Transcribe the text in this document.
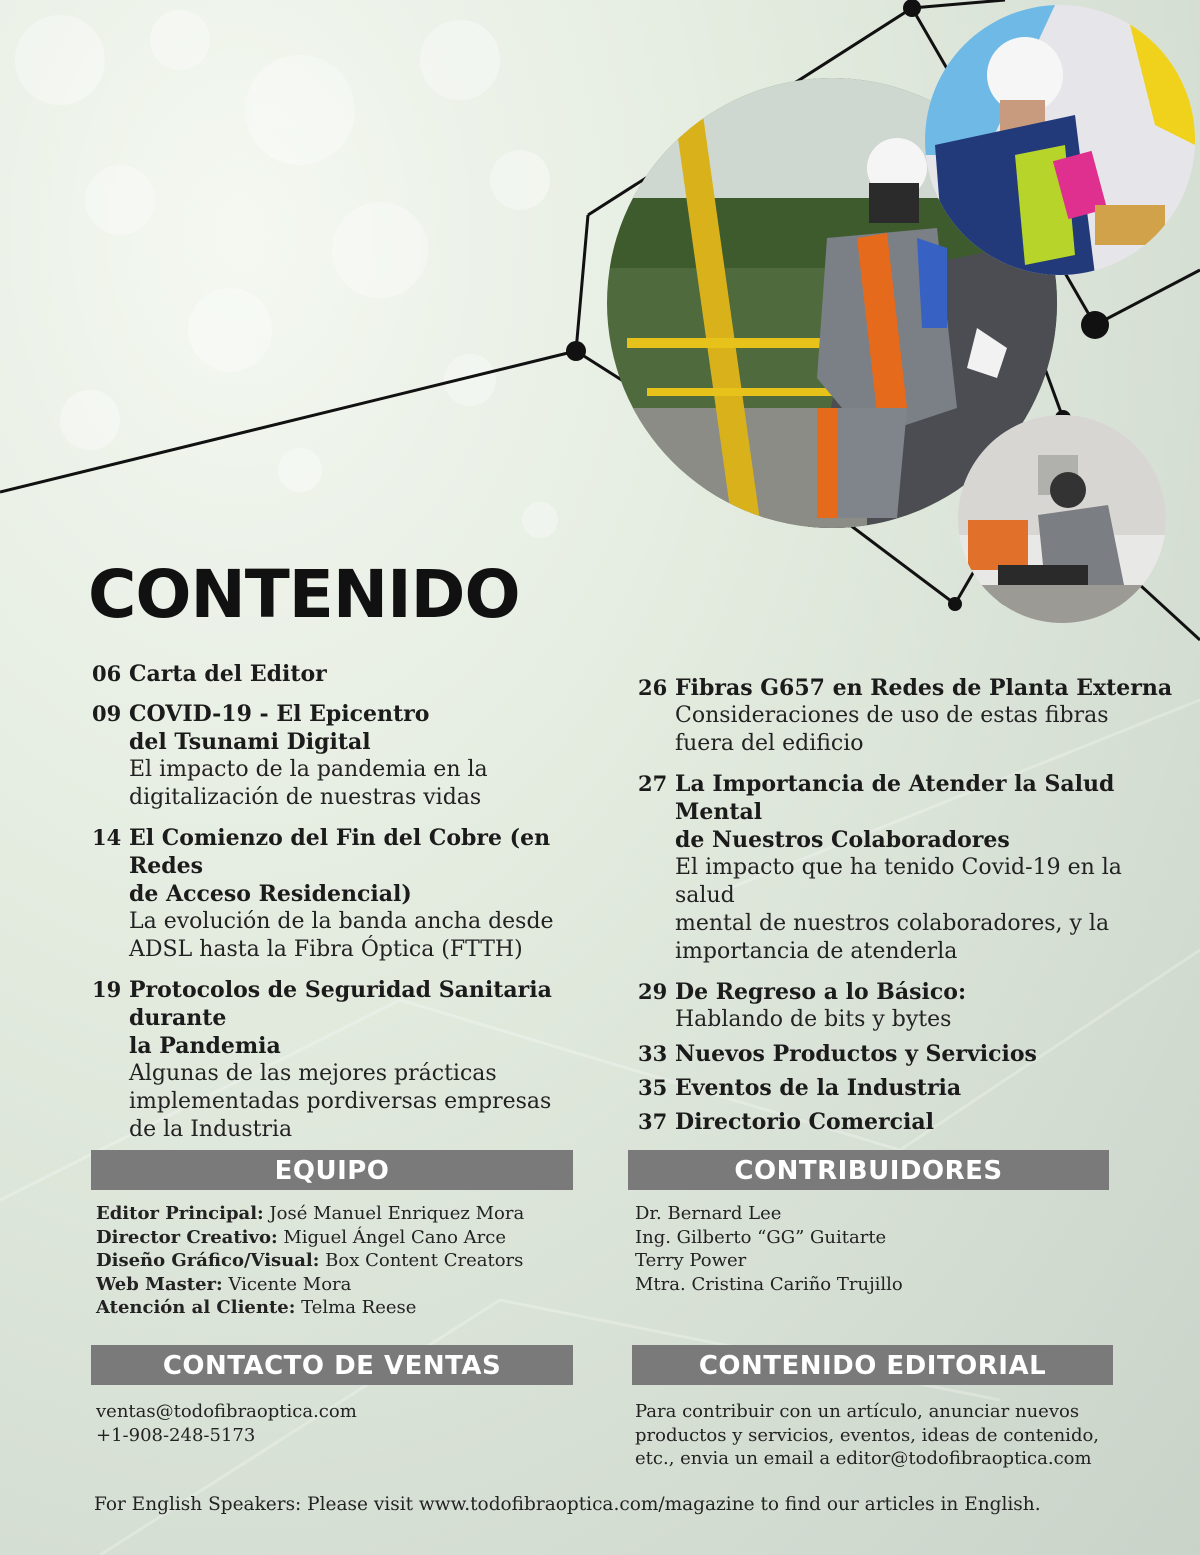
CONTENIDO
06 Carta del Editor
09 COVID-19 - El Epicentro
del Tsunami Digital
El impacto de la pandemia en la
digitalización de nuestras vidas
14 El Comienzo del Fin del Cobre (en Redes
de Acceso Residencial)
La evolución de la banda ancha desde
ADSL hasta la Fibra Óptica (FTTH)
19 Protocolos de Seguridad Sanitaria durante
la Pandemia
Algunas de las mejores prácticas
implementadas pordiversas empresas
de la Industria
26 Fibras G657 en Redes de Planta Externa
Consideraciones de uso de estas fibras
fuera del edificio
27 La Importancia de Atender la Salud Mental
de Nuestros Colaboradores
El impacto que ha tenido Covid-19 en la salud
mental de nuestros colaboradores, y la
importancia de atenderla
29 De Regreso a lo Básico:
Hablando de bits y bytes
33 Nuevos Productos y Servicios
35 Eventos de la Industria
37 Directorio Comercial
EQUIPO
Editor Principal: José Manuel Enriquez Mora
Director Creativo: Miguel Ángel Cano Arce
Diseño Gráfico/Visual: Box Content Creators
Web Master: Vicente Mora
Atención al Cliente: Telma Reese
CONTRIBUIDORES
Dr. Bernard Lee
Ing. Gilberto “GG” Guitarte
Terry Power
Mtra. Cristina Cariño Trujillo
CONTACTO DE VENTAS
ventas@todofibraoptica.com
+1-908-248-5173
CONTENIDO EDITORIAL
Para contribuir con un artículo, anunciar nuevos
productos y servicios, eventos, ideas de contenido,
etc., envia un email a editor@todofibraoptica.com
For English Speakers: Please visit www.todofibraoptica.com/magazine to find our articles in English.
